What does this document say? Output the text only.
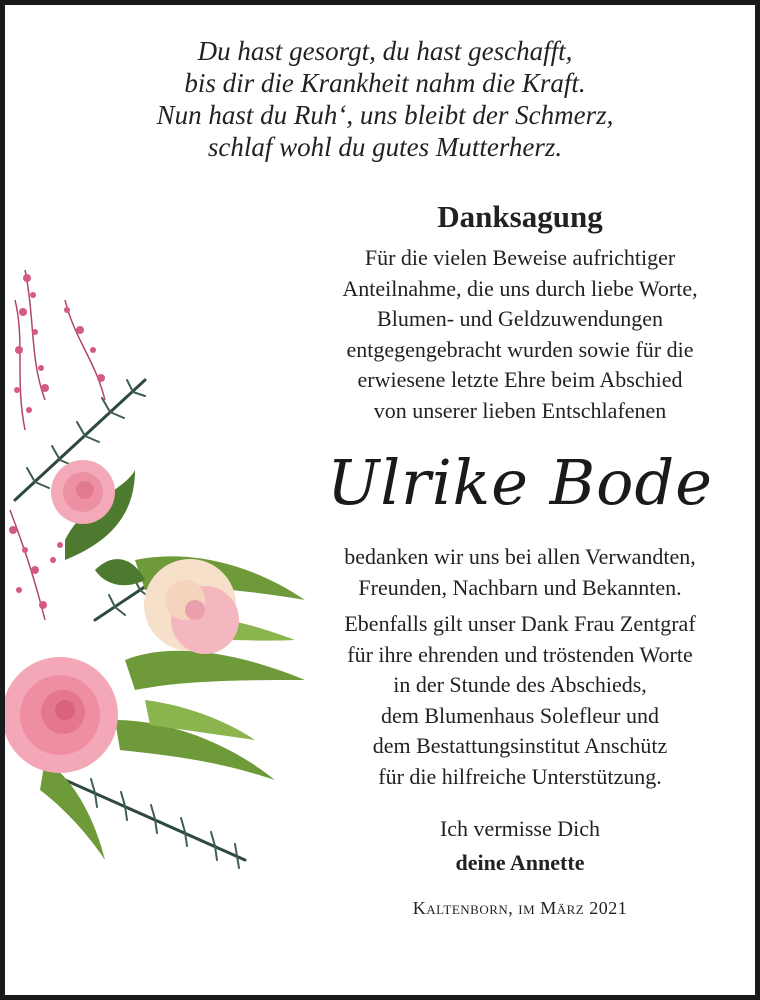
Du hast gesorgt, du hast geschafft,
bis dir die Krankheit nahm die Kraft.
Nun hast du Ruh‘, uns bleibt der Schmerz,
schlaf wohl du gutes Mutterherz.
Danksagung
Für die vielen Beweise aufrichtiger
Anteilnahme, die uns durch liebe Worte,
Blumen- und Geldzuwendungen
entgegengebracht wurden sowie für die
erwiesene letzte Ehre beim Abschied
von unserer lieben Entschlafenen
Ulrike Bode
bedanken wir uns bei allen Verwandten,
Freunden, Nachbarn und Bekannten.
Ebenfalls gilt unser Dank Frau Zentgraf
für ihre ehrenden und tröstenden Worte
in der Stunde des Abschieds,
dem Blumenhaus Solefleur und
dem Bestattungsinstitut Anschütz
für die hilfreiche Unterstützung.
Ich vermisse Dich
deine Annette
Kaltenborn, im März 2021
